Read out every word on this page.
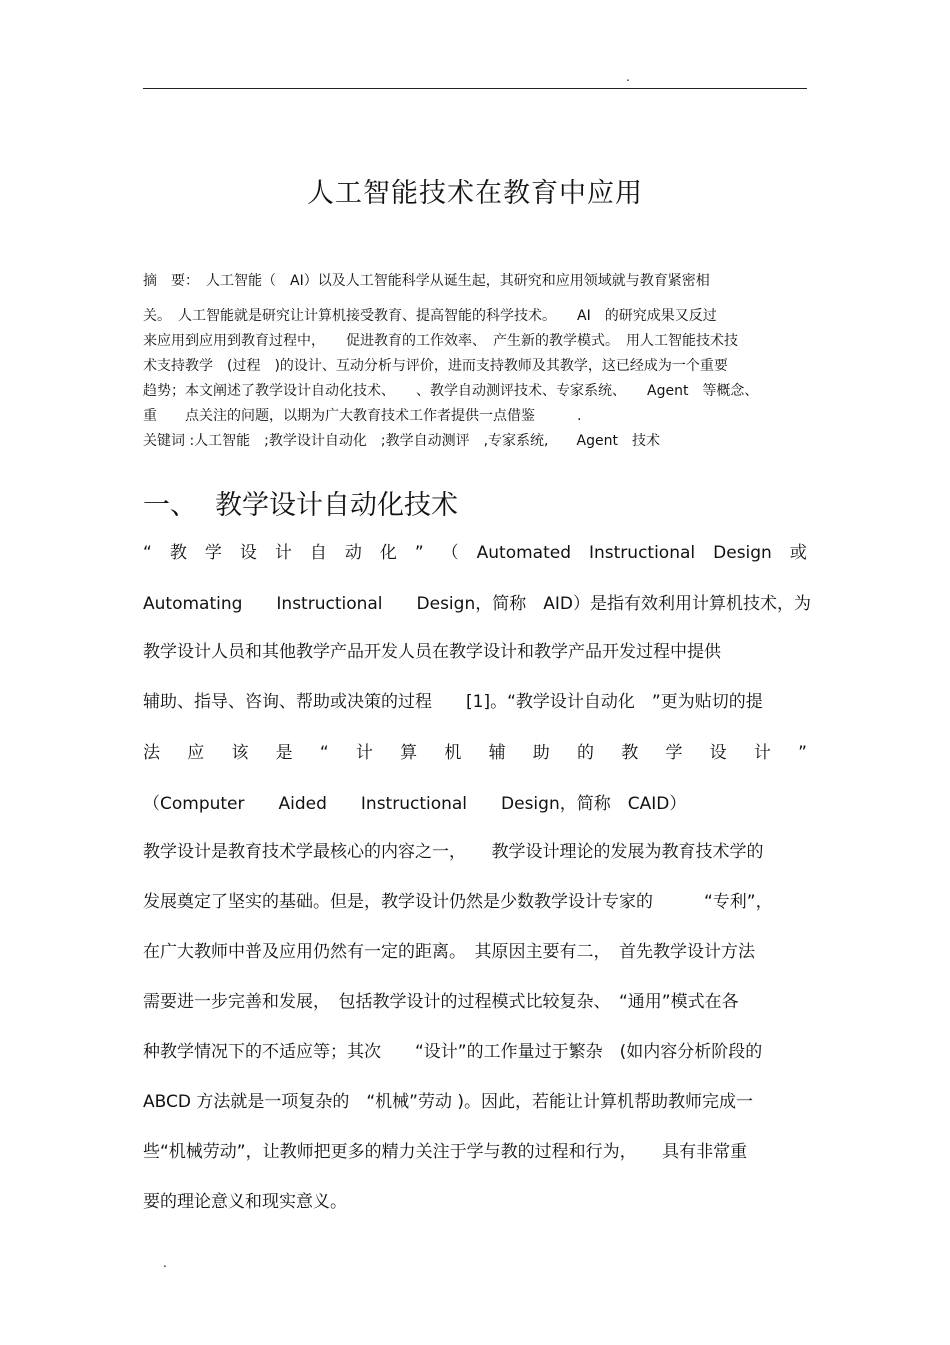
.
人工智能技术在教育中应用
摘　要：　人工智能（　AI）以及人工智能科学从诞生起，其研究和应用领域就与教育紧密相
关。　人工智能就是研究让计算机接受教育、提高智能的科学技术。　　AI　的研究成果又反过
来应用到应用到教育过程中，　　促进教育的工作效率、　产生新的教学模式。　用人工智能技术技
术支持教学　(过程　)的设计、互动分析与评价，进而支持教师及其教学，这已经成为一个重要
趋势；本文阐述了教学设计自动化技术、　　、教学自动测评技术、专家系统、　　Agent　等概念、
重　　点关注的问题，以期为广大教育技术工作者提供一点借鉴　　　.
关键词 :人工智能　;教学设计自动化　;教学自动测评　,专家系统,　　Agent　技术
一、 教学设计自动化技术
“ 教 学 设 计 自 动 化 ” （ Automated Instructional Design 或
Automating　　Instructional　　Design，简称　AID）是指有效利用计算机技术，为
教学设计人员和其他教学产品开发人员在教学设计和教学产品开发过程中提供
辅助、指导、咨询、帮助或决策的过程　　[1]。“教学设计自动化　”更为贴切的提
法 应 该 是 “ 计 算 机 辅 助 的 教 学 设 计 ”
（Computer　　Aided　　Instructional　　Design，简称　CAID）
教学设计是教育技术学最核心的内容之一，　　教学设计理论的发展为教育技术学的
发展奠定了坚实的基础。但是，教学设计仍然是少数教学设计专家的　　　“专利”，
在广大教师中普及应用仍然有一定的距离。　其原因主要有二，　首先教学设计方法
需要进一步完善和发展，　包括教学设计的过程模式比较复杂、　“通用”模式在各
种教学情况下的不适应等；其次　　“设计”的工作量过于繁杂　(如内容分析阶段的
ABCD 方法就是一项复杂的　“机械”劳动 )。因此，若能让计算机帮助教师完成一
些“机械劳动”，让教师把更多的精力关注于学与教的过程和行为，　　具有非常重
要的理论意义和现实意义。
.
